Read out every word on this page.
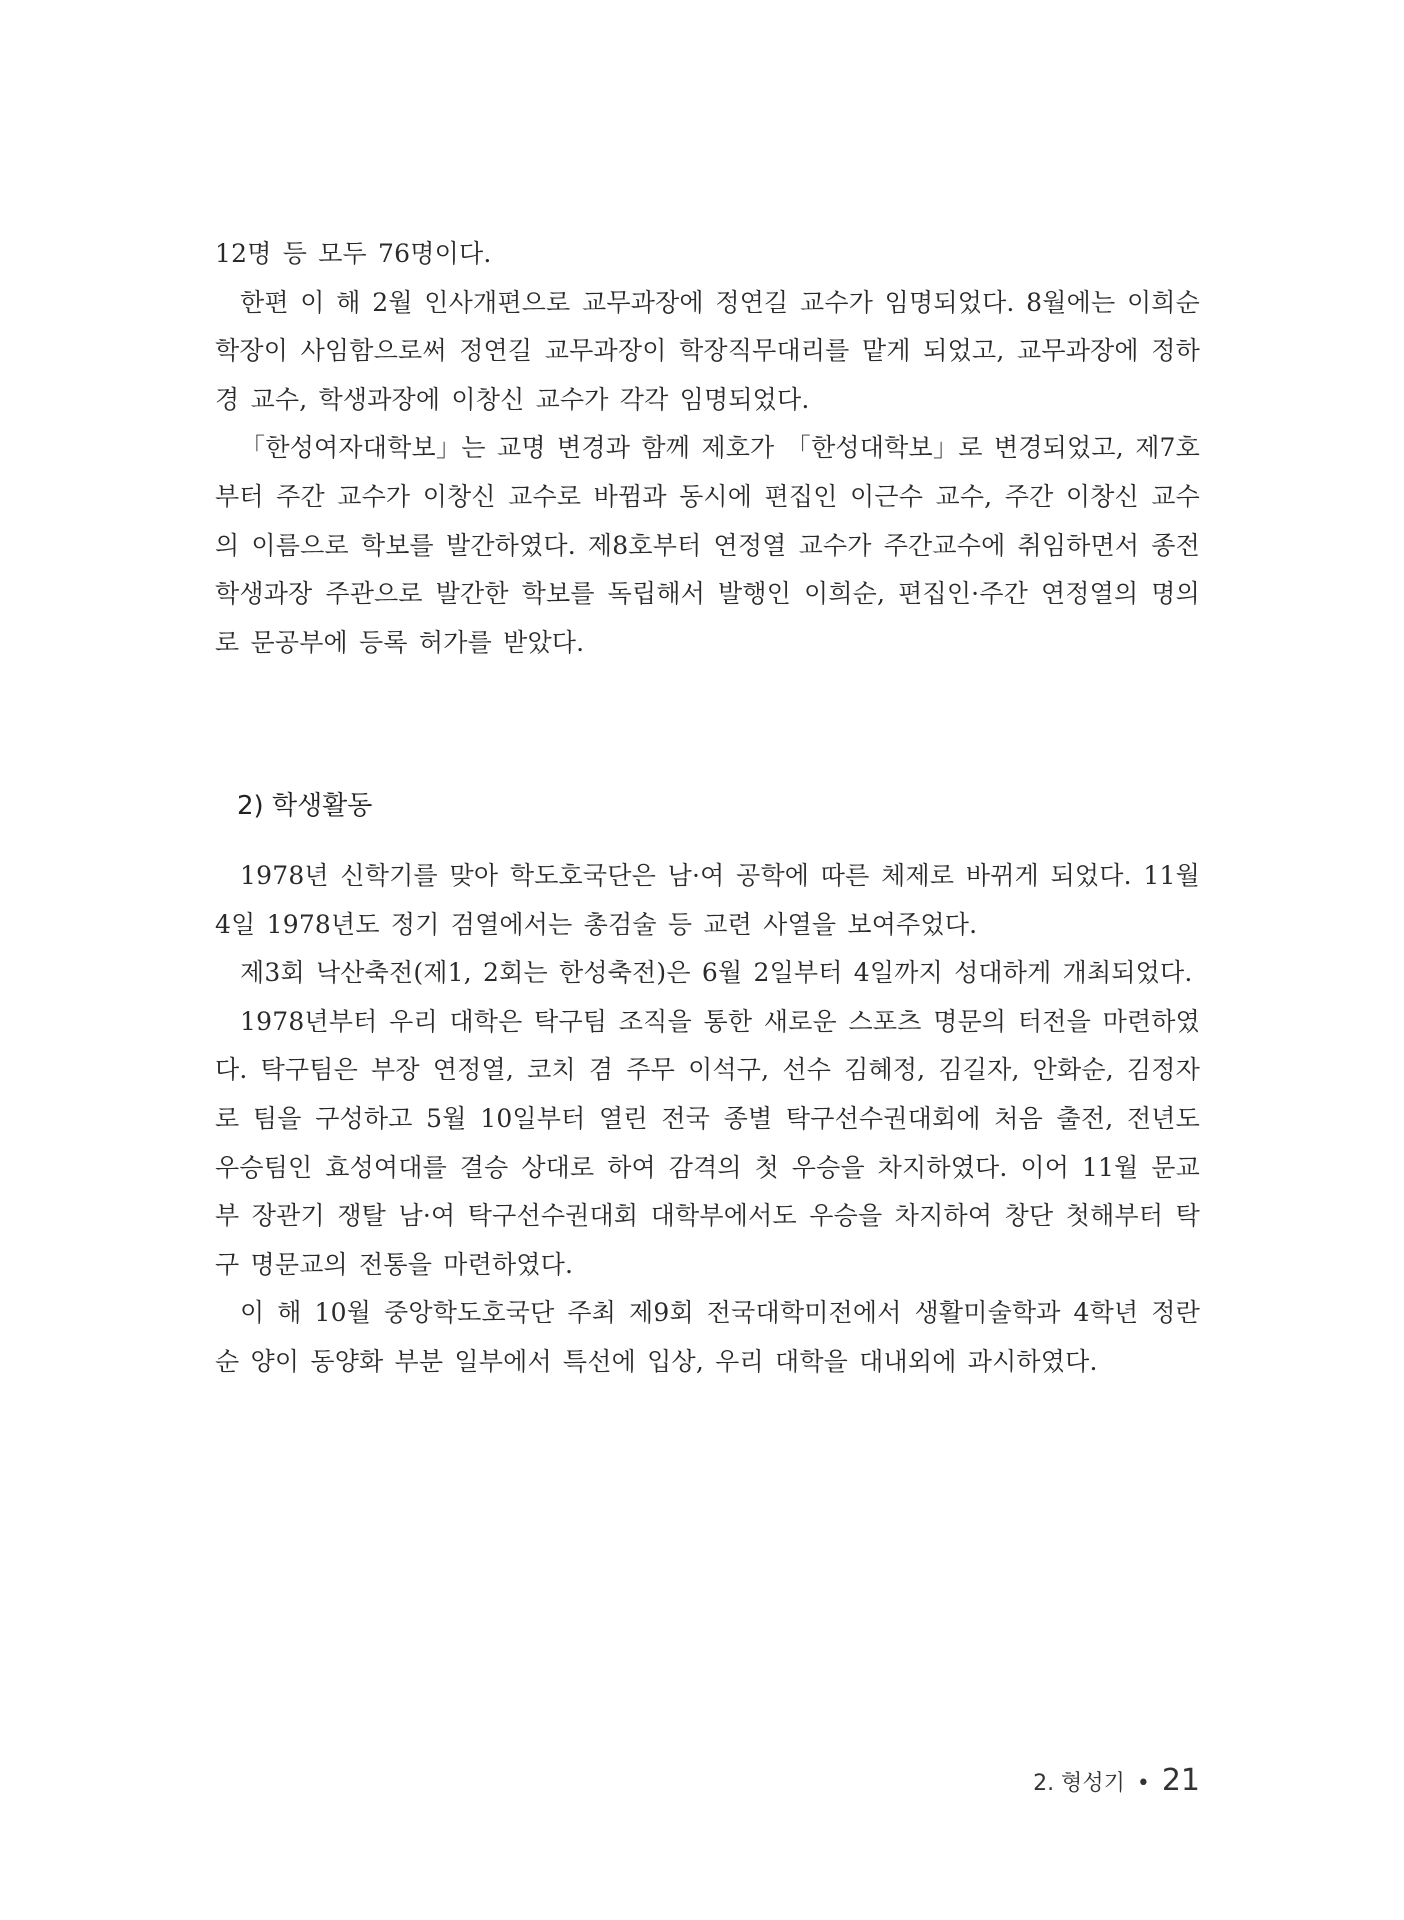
12명 등 모두 76명이다.

한편 이 해 2월 인사개편으로 교무과장에 정연길 교수가 임명되었다. 8월에는 이희순 학장이 사임함으로써 정연길 교무과장이 학장직무대리를 맡게 되었고, 교무과장에 정하경 교수, 학생과장에 이창신 교수가 각각 임명되었다.

「한성여자대학보」는 교명 변경과 함께 제호가 「한성대학보」로 변경되었고, 제7호부터 주간 교수가 이창신 교수로 바뀜과 동시에 편집인 이근수 교수, 주간 이창신 교수의 이름으로 학보를 발간하였다. 제8호부터 연정열 교수가 주간교수에 취임하면서 종전 학생과장 주관으로 발간한 학보를 독립해서 발행인 이희순, 편집인·주간 연정열의 명의로 문공부에 등록 허가를 받았다.

2) 학생활동

1978년 신학기를 맞아 학도호국단은 남·여 공학에 따른 체제로 바뀌게 되었다. 11월 4일 1978년도 정기 검열에서는 총검술 등 교련 사열을 보여주었다.

제3회 낙산축전(제1, 2회는 한성축전)은 6월 2일부터 4일까지 성대하게 개최되었다.

1978년부터 우리 대학은 탁구팀 조직을 통한 새로운 스포츠 명문의 터전을 마련하였다. 탁구팀은 부장 연정열, 코치 겸 주무 이석구, 선수 김혜정, 김길자, 안화순, 김정자로 팀을 구성하고 5월 10일부터 열린 전국 종별 탁구선수권대회에 처음 출전, 전년도 우승팀인 효성여대를 결승 상대로 하여 감격의 첫 우승을 차지하였다. 이어 11월 문교부 장관기 쟁탈 남·여 탁구선수권대회 대학부에서도 우승을 차지하여 창단 첫해부터 탁구 명문교의 전통을 마련하였다.

이 해 10월 중앙학도호국단 주최 제9회 전국대학미전에서 생활미술학과 4학년 정란순 양이 동양화 부분 일부에서 특선에 입상, 우리 대학을 대내외에 과시하였다.

2. 형성기 • 21
